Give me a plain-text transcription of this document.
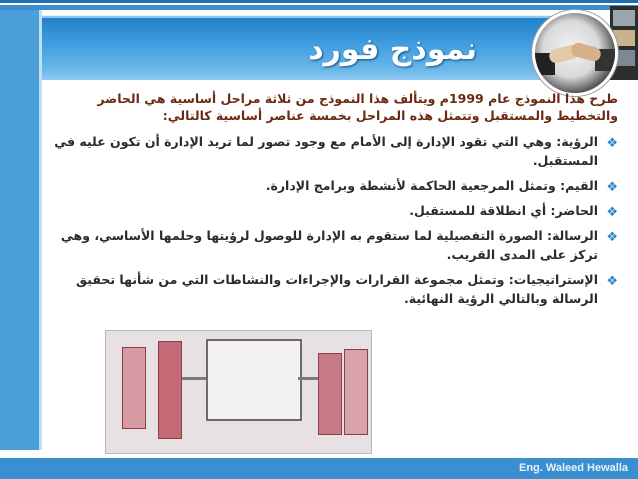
نموذج فورد

طرح هذا النموذج عام 1999م ويتألف هذا النموذج من ثلاثة مراحل أساسية هي الحاضر والتخطيط والمستقبل وتتمثل هذه المراحل بخمسة عناصر أساسية كالتالي:

❖
الرؤية: وهي التي تقود الإدارة إلى الأمام مع وجود تصور لما تريد الإدارة أن تكون عليه في المستقبل.
❖
القيم: وتمثل المرجعية الحاكمة لأنشطة وبرامج الإدارة.
❖
الحاضر: أي انطلاقة للمستقبل.
❖
الرسالة: الصورة التفصيلية لما ستقوم به الإدارة للوصول لرؤيتها وحلمها الأساسي، وهي تركز على المدى القريب.
❖
الإستراتيجيات: وتمثل مجموعة القرارات والإجراءات والنشاطات التي من شأنها تحقيق الرسالة وبالتالي الرؤية النهائية.
Eng. Waleed Hewalla
